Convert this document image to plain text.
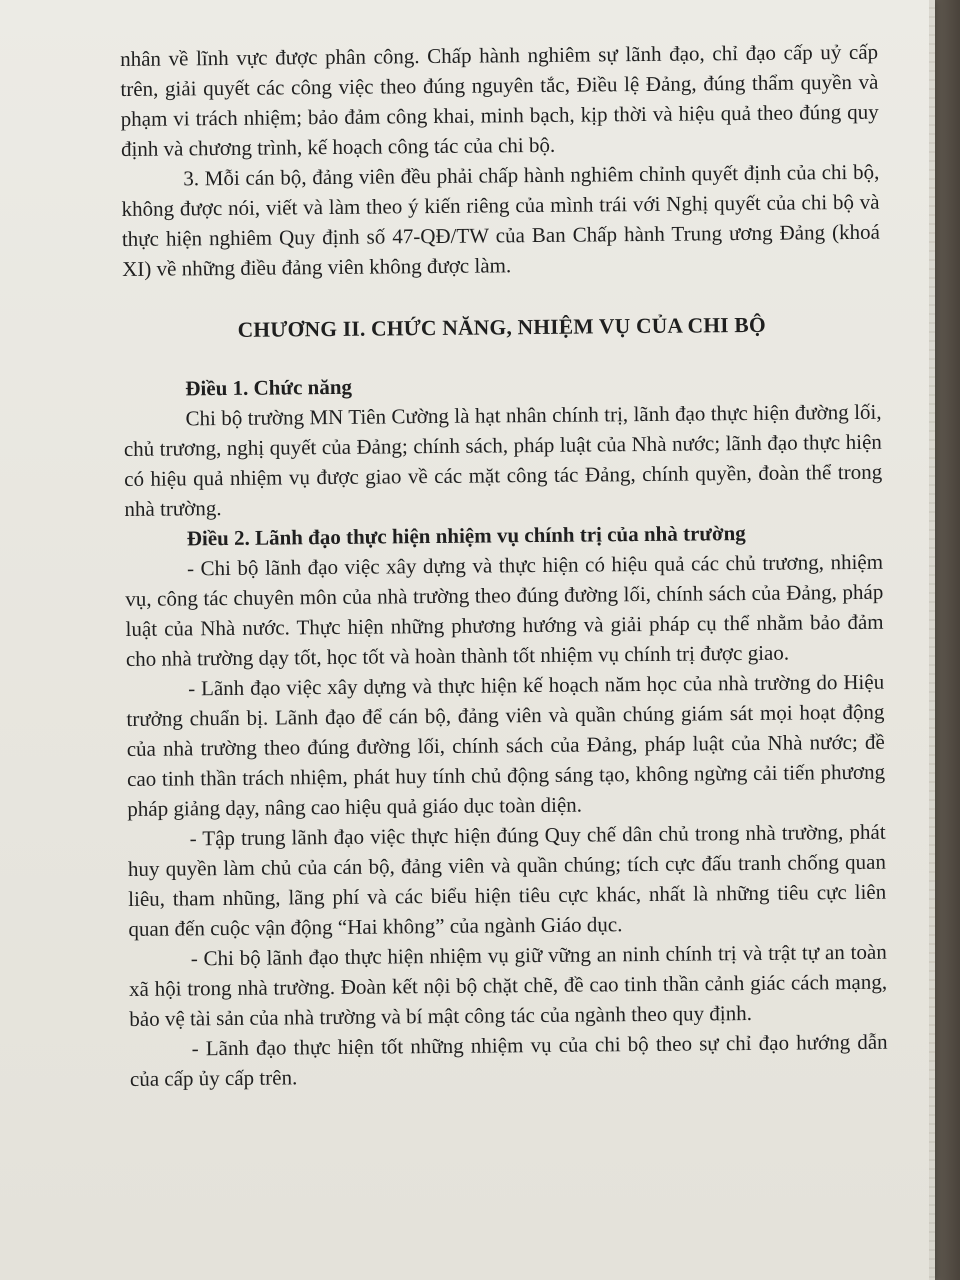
nhân về lĩnh vực được phân công. Chấp hành nghiêm sự lãnh đạo, chỉ đạo cấp uỷ cấp trên, giải quyết các công việc theo đúng nguyên tắc, Điều lệ Đảng, đúng thẩm quyền và phạm vi trách nhiệm; bảo đảm công khai, minh bạch, kịp thời và hiệu quả theo đúng quy định và chương trình, kế hoạch công tác của chi bộ.

3. Mỗi cán bộ, đảng viên đều phải chấp hành nghiêm chỉnh quyết định của chi bộ, không được nói, viết và làm theo ý kiến riêng của mình trái với Nghị quyết của chi bộ và thực hiện nghiêm Quy định số 47-QĐ/TW của Ban Chấp hành Trung ương Đảng (khoá XI) về những điều đảng viên không được làm.

CHƯƠNG II. CHỨC NĂNG, NHIỆM VỤ CỦA CHI BỘ

Điều 1. Chức năng

Chi bộ trường MN Tiên Cường là hạt nhân chính trị, lãnh đạo thực hiện đường lối, chủ trương, nghị quyết của Đảng; chính sách, pháp luật của Nhà nước; lãnh đạo thực hiện có hiệu quả nhiệm vụ được giao về các mặt công tác Đảng, chính quyền, đoàn thể trong nhà trường.

Điều 2. Lãnh đạo thực hiện nhiệm vụ chính trị của nhà trường

- Chi bộ lãnh đạo việc xây dựng và thực hiện có hiệu quả các chủ trương, nhiệm vụ, công tác chuyên môn của nhà trường theo đúng đường lối, chính sách của Đảng, pháp luật của Nhà nước. Thực hiện những phương hướng và giải pháp cụ thể nhằm bảo đảm cho nhà trường dạy tốt, học tốt và hoàn thành tốt nhiệm vụ chính trị được giao.

- Lãnh đạo việc xây dựng và thực hiện kế hoạch năm học của nhà trường do Hiệu trưởng chuẩn bị. Lãnh đạo để cán bộ, đảng viên và quần chúng giám sát mọi hoạt động của nhà trường theo đúng đường lối, chính sách của Đảng, pháp luật của Nhà nước; đề cao tinh thần trách nhiệm, phát huy tính chủ động sáng tạo, không ngừng cải tiến phương pháp giảng dạy, nâng cao hiệu quả giáo dục toàn diện.

- Tập trung lãnh đạo việc thực hiện đúng Quy chế dân chủ trong nhà trường, phát huy quyền làm chủ của cán bộ, đảng viên và quần chúng; tích cực đấu tranh chống quan liêu, tham nhũng, lãng phí và các biểu hiện tiêu cực khác, nhất là những tiêu cực liên quan đến cuộc vận động “Hai không” của ngành Giáo dục.

- Chi bộ lãnh đạo thực hiện nhiệm vụ giữ vững an ninh chính trị và trật tự an toàn xã hội trong nhà trường. Đoàn kết nội bộ chặt chẽ, đề cao tinh thần cảnh giác cách mạng, bảo vệ tài sản của nhà trường và bí mật công tác của ngành theo quy định.

- Lãnh đạo thực hiện tốt những nhiệm vụ của chi bộ theo sự chỉ đạo hướng dẫn của cấp ủy cấp trên.
